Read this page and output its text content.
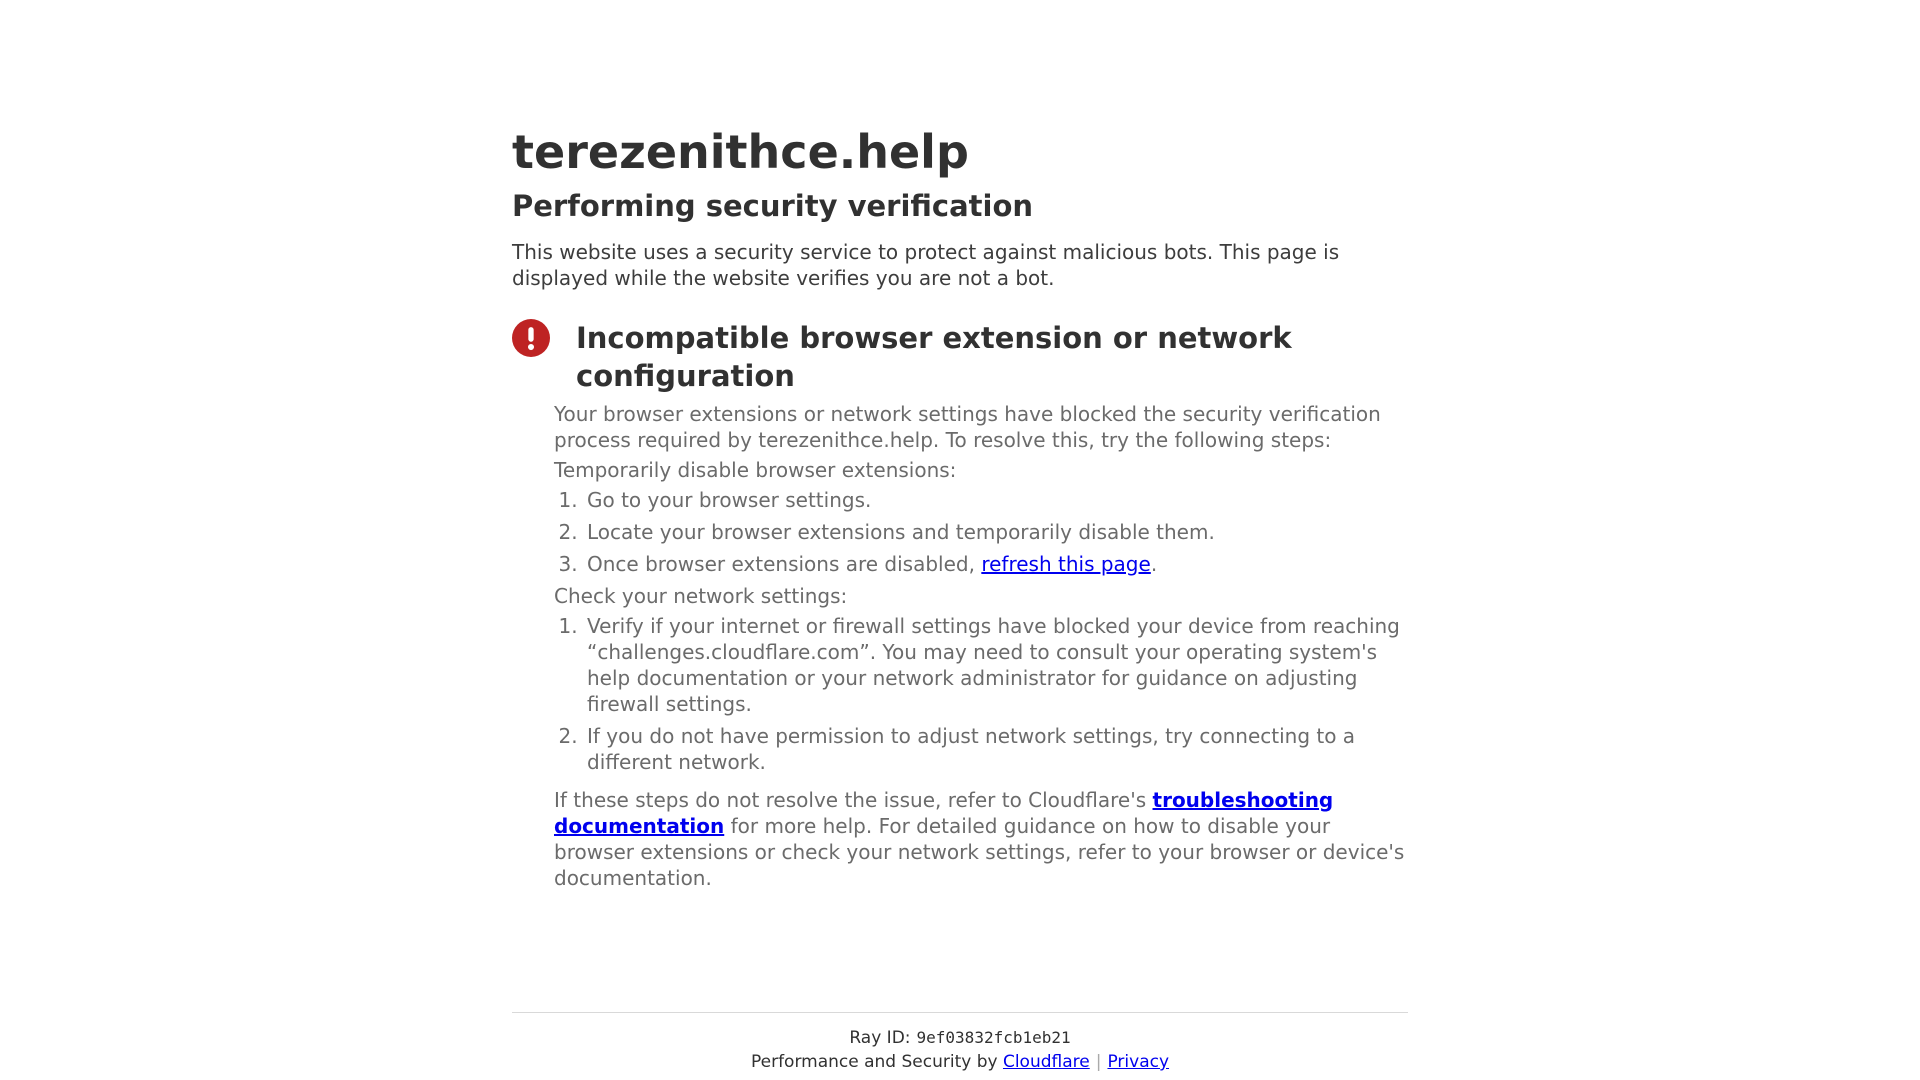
terezenithce.help
Performing security verification

This website uses a security service to protect against malicious bots. This page is displayed while the website verifies you are not a bot.

Incompatible browser extension or network configuration

Your browser extensions or network settings have blocked the security verification process required by terezenithce.help. To resolve this, try the following steps:

Temporarily disable browser extensions:

1. Go to your browser settings.
2. Locate your browser extensions and temporarily disable them.
3. Once browser extensions are disabled, refresh this page.

Check your network settings:

1. Verify if your internet or firewall settings have blocked your device from reaching “challenges.cloudflare.com”. You may need to consult your operating system's help documentation or your network administrator for guidance on adjusting firewall settings.
2. If you do not have permission to adjust network settings, try connecting to a different network.

If these steps do not resolve the issue, refer to Cloudflare's troubleshooting documentation for more help. For detailed guidance on how to disable your browser extensions or check your network settings, refer to your browser or device's documentation.

Ray ID: 9ef03832fcb1eb21
Performance and Security by Cloudflare | Privacy
